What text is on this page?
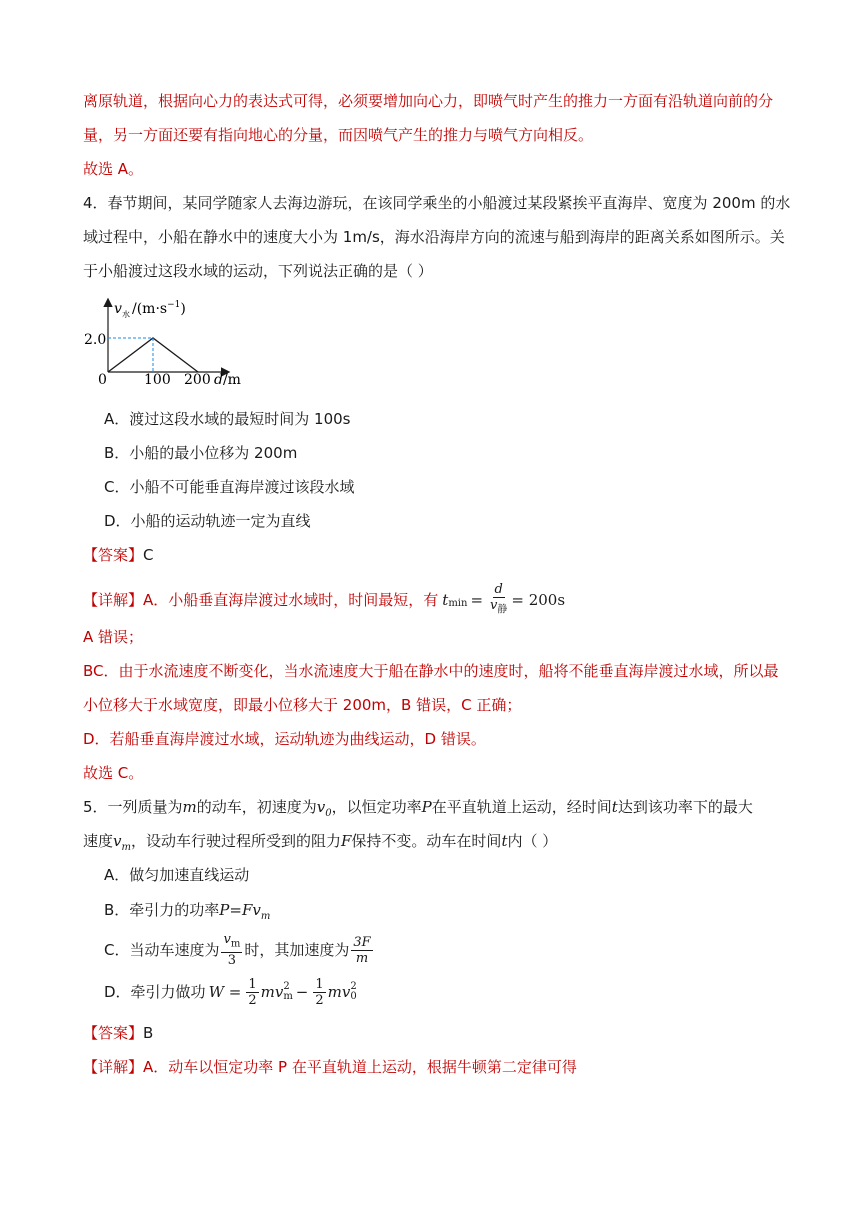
离原轨道，根据向心力的表达式可得，必须要增加向心力，即喷气时产生的推力一方面有沿轨道向前的分
量，另一方面还要有指向地心的分量，而因喷气产生的推力与喷气方向相反。
故选 A。
4．春节期间，某同学随家人去海边游玩，在该同学乘坐的小船渡过某段紧挨平直海岸、宽度为 200m 的水
域过程中，小船在静水中的速度大小为 1m/s，海水沿海岸方向的流速与船到海岸的距离关系如图所示。关
于小船渡过这段水域的运动，下列说法正确的是（ ）
v $/(m\cdot s^{-1})$
水
2.0
0	100 200 d/m
A．渡过这段水域的最短时间为 100s
B．小船的最小位移为 200m
C．小船不可能垂直海岸渡过该段水域
D．小船的运动轨迹一定为直线
【答案】C
【详解】 A．小船垂直海岸渡过水域时，时间最短，有 $t_{min} = \frac{d}{v_静} = 200s$
A 错误；
BC．由于水流速度不断变化，当水流速度大于船在静水中的速度时，船将不能垂直海岸渡过水域，所以最
小位移大于水域宽度，即最小位移大于 200m，B 错误，C 正确；
D．若船垂直海岸渡过水域，运动轨迹为曲线运动，D 错误。
故选 C。
5．一列质量为m的动车，初速度为$v_0$，以恒定功率P在平直轨道上运动，经时间t达到该功率下的最大
速度$v_m$，设动车行驶过程所受到的阻力F保持不变。动车在时间t内（ ）
A．做匀加速直线运动
B．牵引力的功率$P=Fv_m$
C．当动车速度为 $\frac{v_m}{3}$ 时，其加速度为 $\frac{3F}{m}$
D．牵引力做功 $W = \frac{1}{2}$ mv 2
$m - \frac{1}{2}$ mv 2
0
【答案】B
【详解】A．动车以恒定功率 P 在平直轨道上运动，根据牛顿第二定律可得
